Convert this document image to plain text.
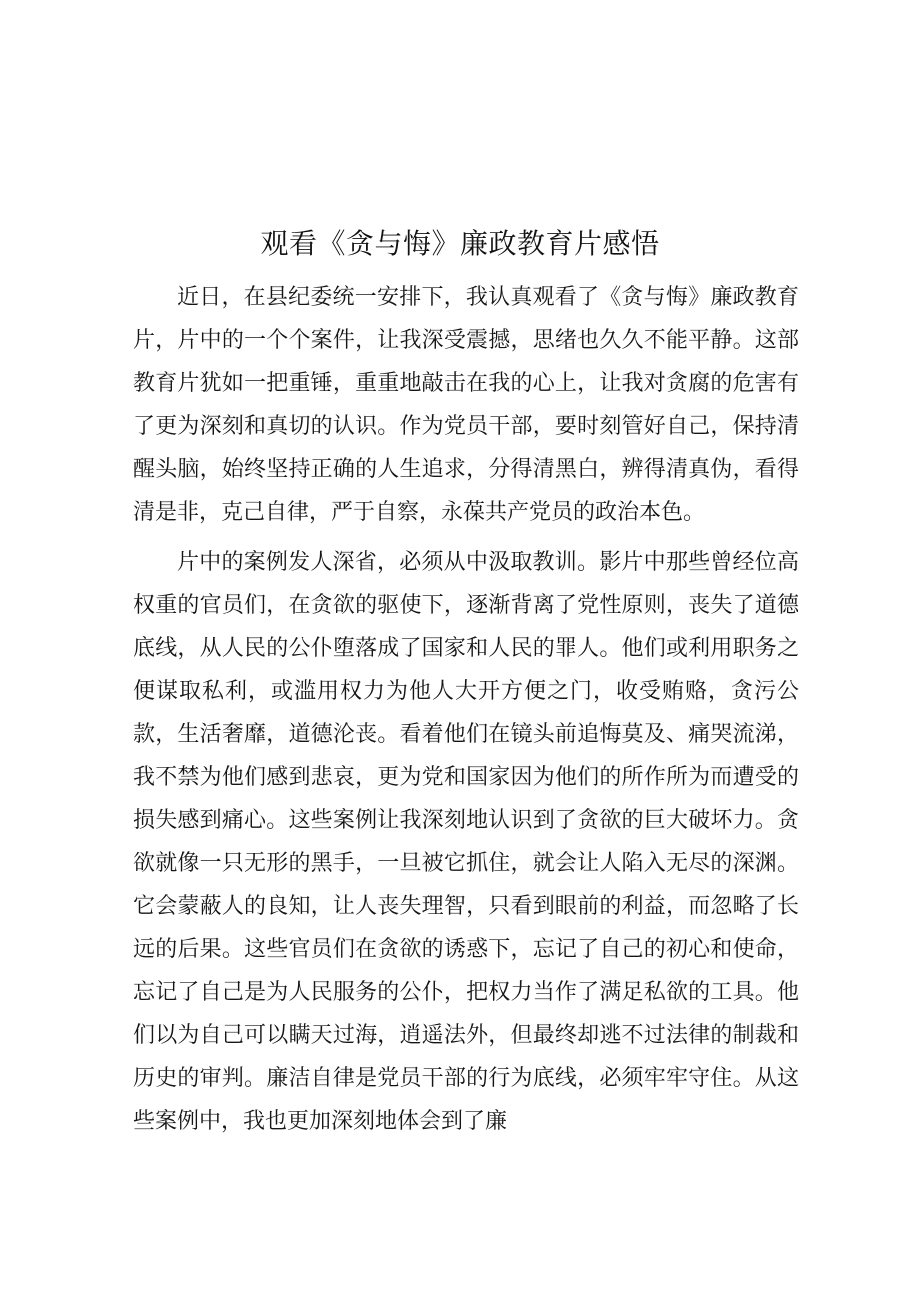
观看《贪与悔》廉政教育片感悟

近日，在县纪委统一安排下，我认真观看了《贪与悔》廉政教育片，片中的一个个案件，让我深受震撼，思绪也久久不能平静。这部教育片犹如一把重锤，重重地敲击在我的心上，让我对贪腐的危害有了更为深刻和真切的认识。作为党员干部，要时刻管好自己，保持清醒头脑，始终坚持正确的人生追求，分得清黑白，辨得清真伪，看得清是非，克己自律，严于自察，永葆共产党员的政治本色。

片中的案例发人深省，必须从中汲取教训。影片中那些曾经位高权重的官员们，在贪欲的驱使下，逐渐背离了党性原则，丧失了道德底线，从人民的公仆堕落成了国家和人民的罪人。他们或利用职务之便谋取私利，或滥用权力为他人大开方便之门，收受贿赂，贪污公款，生活奢靡，道德沦丧。看着他们在镜头前追悔莫及、痛哭流涕，我不禁为他们感到悲哀，更为党和国家因为他们的所作所为而遭受的损失感到痛心。这些案例让我深刻地认识到了贪欲的巨大破坏力。贪欲就像一只无形的黑手，一旦被它抓住，就会让人陷入无尽的深渊。它会蒙蔽人的良知，让人丧失理智，只看到眼前的利益，而忽略了长远的后果。这些官员们在贪欲的诱惑下，忘记了自己的初心和使命，忘记了自己是为人民服务的公仆，把权力当作了满足私欲的工具。他们以为自己可以瞒天过海，逍遥法外，但最终却逃不过法律的制裁和历史的审判。廉洁自律是党员干部的行为底线，必须牢牢守住。从这些案例中，我也更加深刻地体会到了廉
